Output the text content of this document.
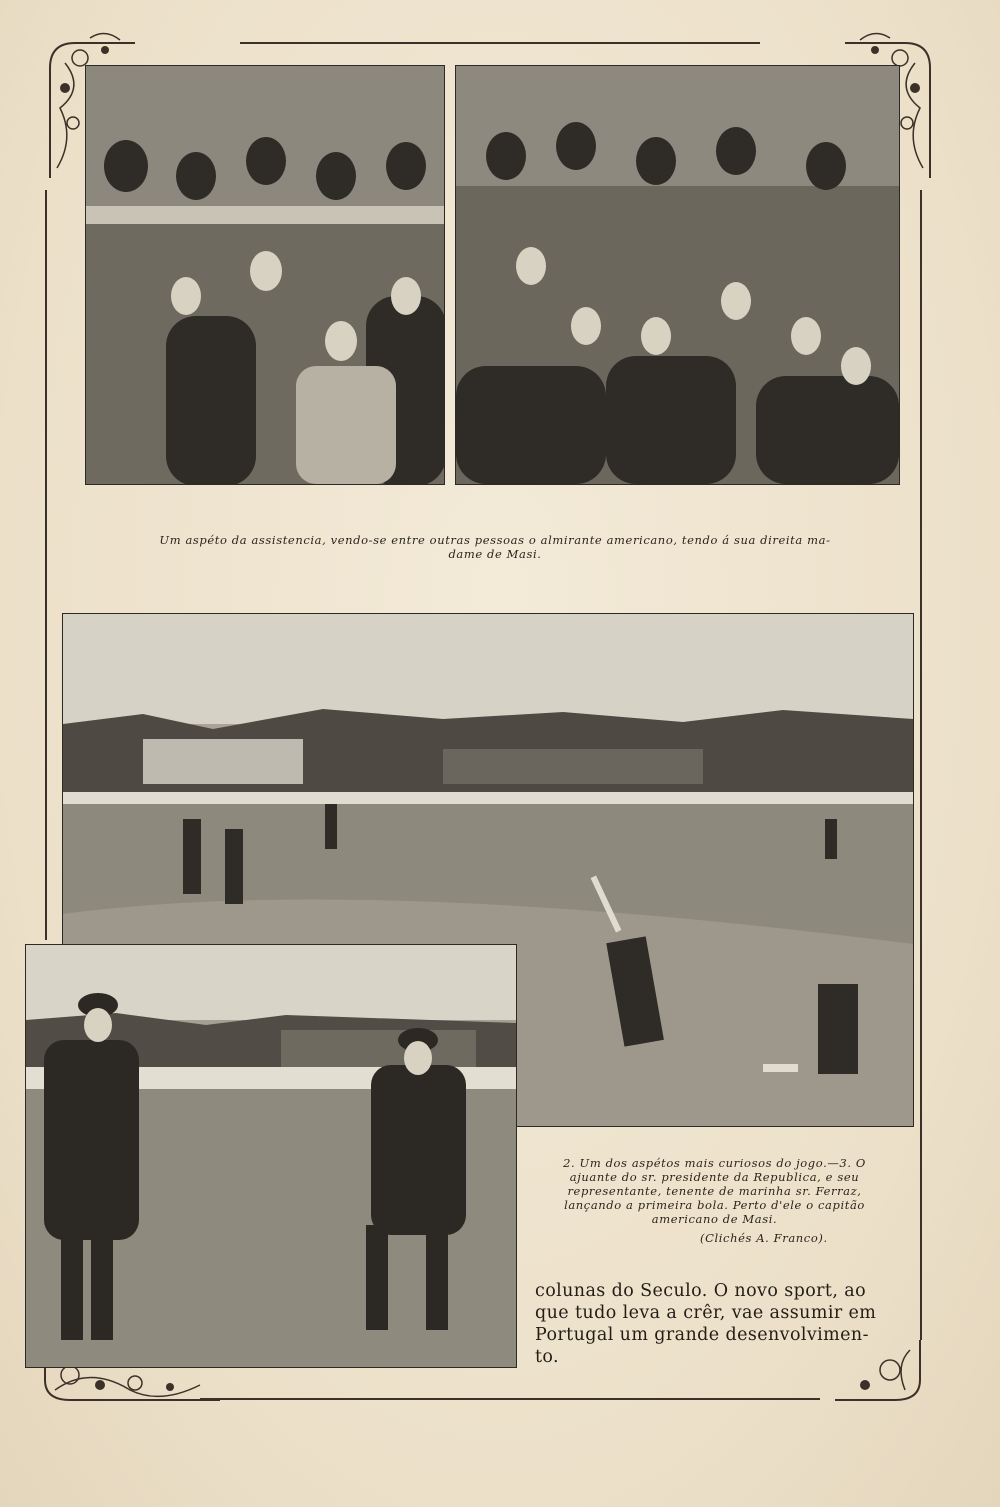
Um aspéto da assistencia, vendo-se entre outras pessoas o almirante americano, tendo á sua direita ma-
dame de Masi.
2. Um dos aspétos mais curiosos do jogo.—3. O
ajuante do sr. presidente da Republica, e seu
representante, tenente de marinha sr. Ferraz,
lançando a primeira bola. Perto d'ele o capitão
americano de Masi.
(Clichés A. Franco).
colunas do Seculo. O novo sport, ao
que tudo leva a crêr, vae assumir em
Portugal um grande desenvolvimen-
to.
